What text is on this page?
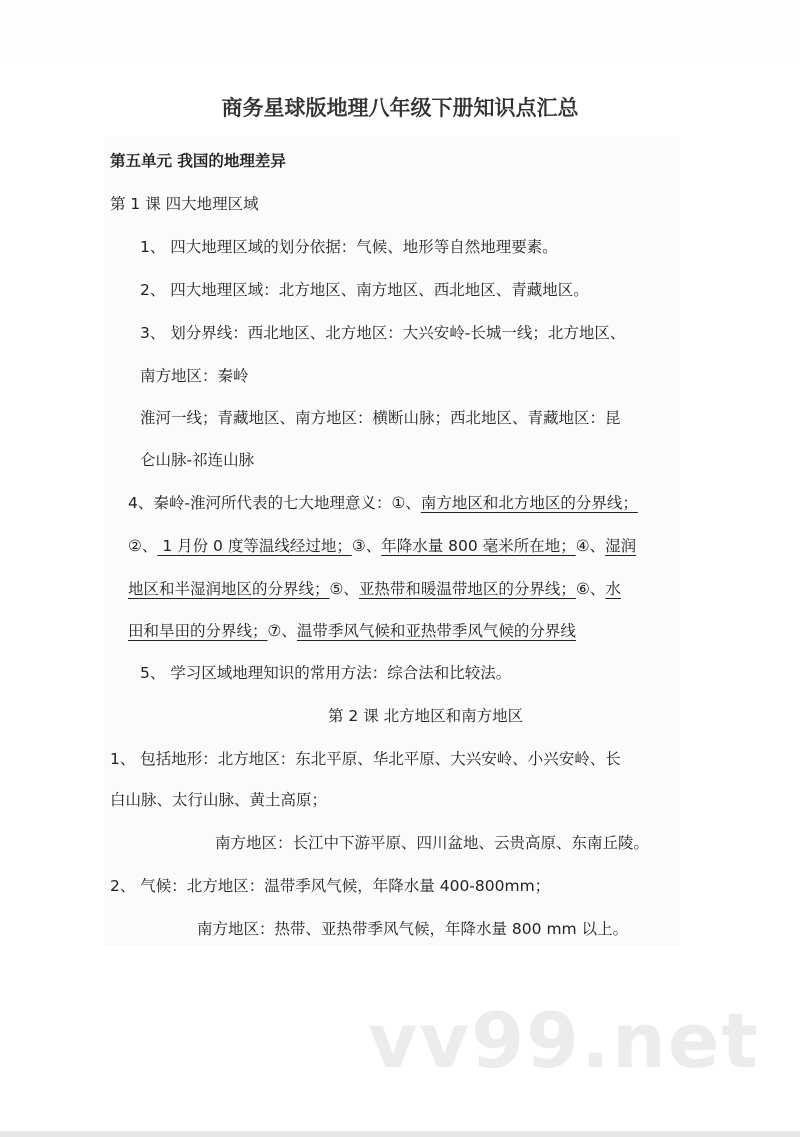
商务星球版地理八年级下册知识点汇总
第五单元 我国的地理差异
第 1 课 四大地理区域
1、 四大地理区域的划分依据：气候、地形等自然地理要素。
2、 四大地理区域：北方地区、南方地区、西北地区、青藏地区。
3、 划分界线：西北地区、北方地区：大兴安岭-长城一线；北方地区、
南方地区：秦岭
淮河一线；青藏地区、南方地区：横断山脉；西北地区、青藏地区：昆
仑山脉-祁连山脉
4、秦岭-淮河所代表的七大地理意义：①、南方地区和北方地区的分界线；
②、 1 月份 0 度等温线经过地；③、年降水量 800 毫米所在地；④、湿润
地区和半湿润地区的分界线；⑤、亚热带和暖温带地区的分界线；⑥、水
田和旱田的分界线；⑦、温带季风气候和亚热带季风气候的分界线
5、 学习区域地理知识的常用方法：综合法和比较法。
第 2 课 北方地区和南方地区
1、 包括地形：北方地区：东北平原、华北平原、大兴安岭、小兴安岭、长
白山脉、太行山脉、黄土高原；
南方地区：长江中下游平原、四川盆地、云贵高原、东南丘陵。
2、 气候：北方地区：温带季风气候，年降水量 400-800mm；
南方地区：热带、亚热带季风气候，年降水量 800 mm 以上。
vv99.net
